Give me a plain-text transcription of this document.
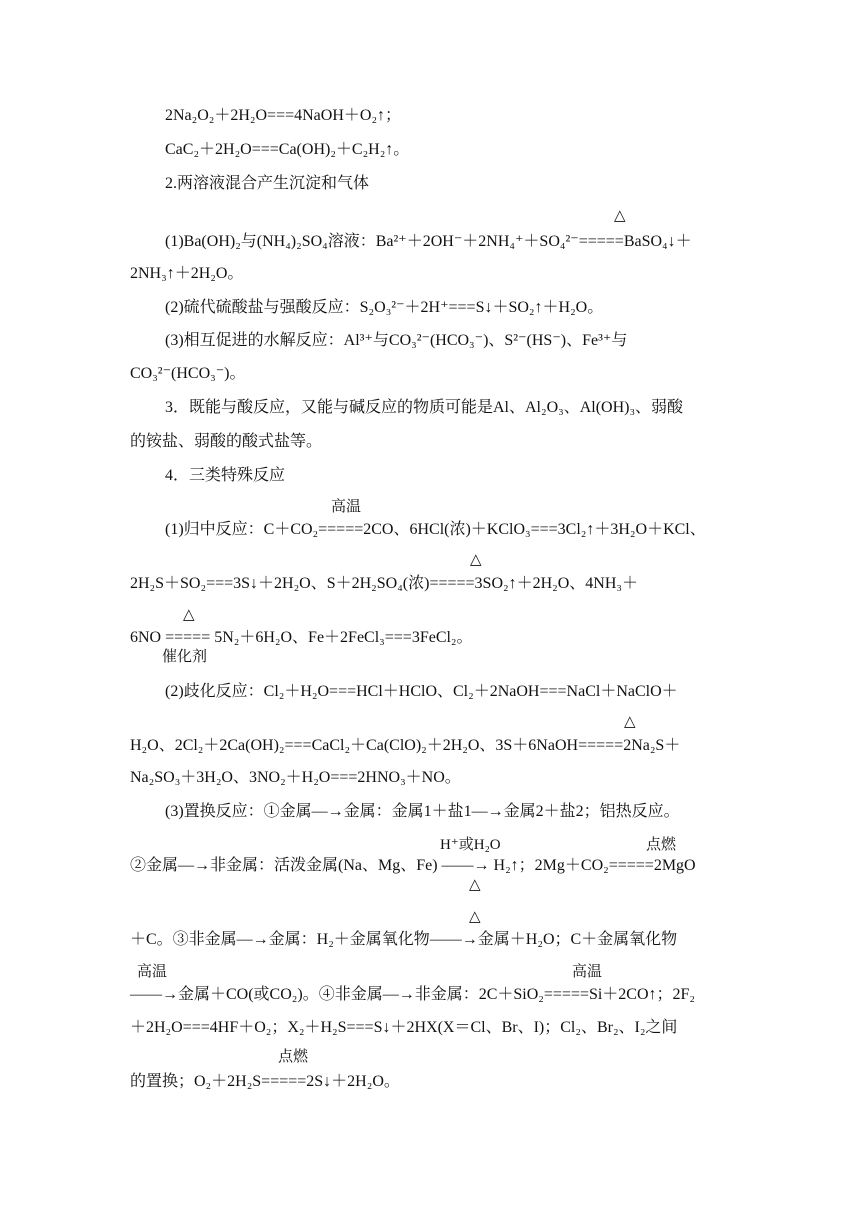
2Na₂O₂＋2H₂O===4NaOH＋O₂↑；
CaC₂＋2H₂O===Ca(OH)₂＋C₂H₂↑。
2.两溶液混合产生沉淀和气体
△
(1)Ba(OH)₂与(NH₄)₂SO₄溶液：Ba²⁺＋2OH⁻＋2NH₄⁺＋SO₄²⁻=====BaSO₄↓＋
2NH₃↑＋2H₂O。
(2)硫代硫酸盐与强酸反应：S₂O₃²⁻＋2H⁺===S↓＋SO₂↑＋H₂O。
(3)相互促进的水解反应：Al³⁺与CO₃²⁻(HCO₃⁻)、S²⁻(HS⁻)、Fe³⁺与
CO₃²⁻(HCO₃⁻)。
3．既能与酸反应，又能与碱反应的物质可能是Al、Al₂O₃、Al(OH)₃、弱酸
的铵盐、弱酸的酸式盐等。
4．三类特殊反应
高温
(1)归中反应：C＋CO₂=====2CO、6HCl(浓)＋KClO₃===3Cl₂↑＋3H₂O＋KCl、
△
2H₂S＋SO₂===3S↓＋2H₂O、S＋2H₂SO₄(浓)=====3SO₂↑＋2H₂O、4NH₃＋
△
6NO ===== 5N₂＋6H₂O、Fe＋2FeCl₃===3FeCl₂。
催化剂
(2)歧化反应：Cl₂＋H₂O===HCl＋HClO、Cl₂＋2NaOH===NaCl＋NaClO＋
△
H₂O、2Cl₂＋2Ca(OH)₂===CaCl₂＋Ca(ClO)₂＋2H₂O、3S＋6NaOH=====2Na₂S＋
Na₂SO₃＋3H₂O、3NO₂＋H₂O===2HNO₃＋NO。
(3)置换反应：①金属—→金属：金属1＋盐1—→金属2＋盐2；铝热反应。
H⁺或H₂O	点燃
②金属—→非金属：活泼金属(Na、Mg、Fe) ——→ H₂↑；2Mg＋CO₂=====2MgO
△
△
＋C。③非金属—→金属：H₂＋金属氧化物——→金属＋H₂O；C＋金属氧化物
高温	高温
——→金属＋CO(或CO₂)。④非金属—→非金属：2C＋SiO₂=====Si＋2CO↑；2F₂
＋2H₂O===4HF＋O₂；X₂＋H₂S===S↓＋2HX(X＝Cl、Br、I)；Cl₂、Br₂、I₂之间
点燃
的置换；O₂＋2H₂S=====2S↓＋2H₂O。
